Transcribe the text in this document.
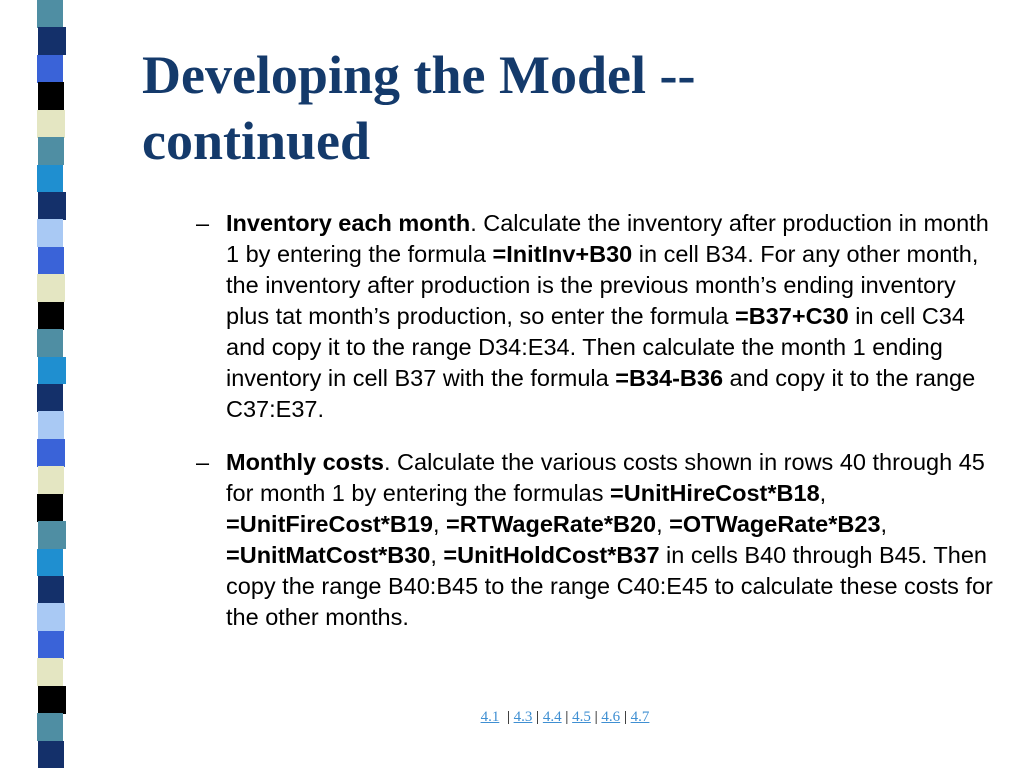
Developing the Model --
continued
– Inventory each month. Calculate the inventory after production in month 1 by entering the formula =InitInv+B30 in cell B34. For any other month, the inventory after production is the previous month’s ending inventory plus tat month’s production, so enter the formula =B37+C30 in cell C34 and copy it to the range D34:E34. Then calculate the month 1 ending inventory in cell B37 with the formula =B34-B36 and copy it to the range C37:E37.
– Monthly costs. Calculate the various costs shown in rows 40 through 45 for month 1 by entering the formulas =UnitHireCost*B18, =UnitFireCost*B19, =RTWageRate*B20, =OTWageRate*B23, =UnitMatCost*B30, =UnitHoldCost*B37 in cells B40 through B45. Then copy the range B40:B45 to the range C40:E45 to calculate these costs for the other months.
4.1 | 4.3 | 4.4 | 4.5 | 4.6 | 4.7
